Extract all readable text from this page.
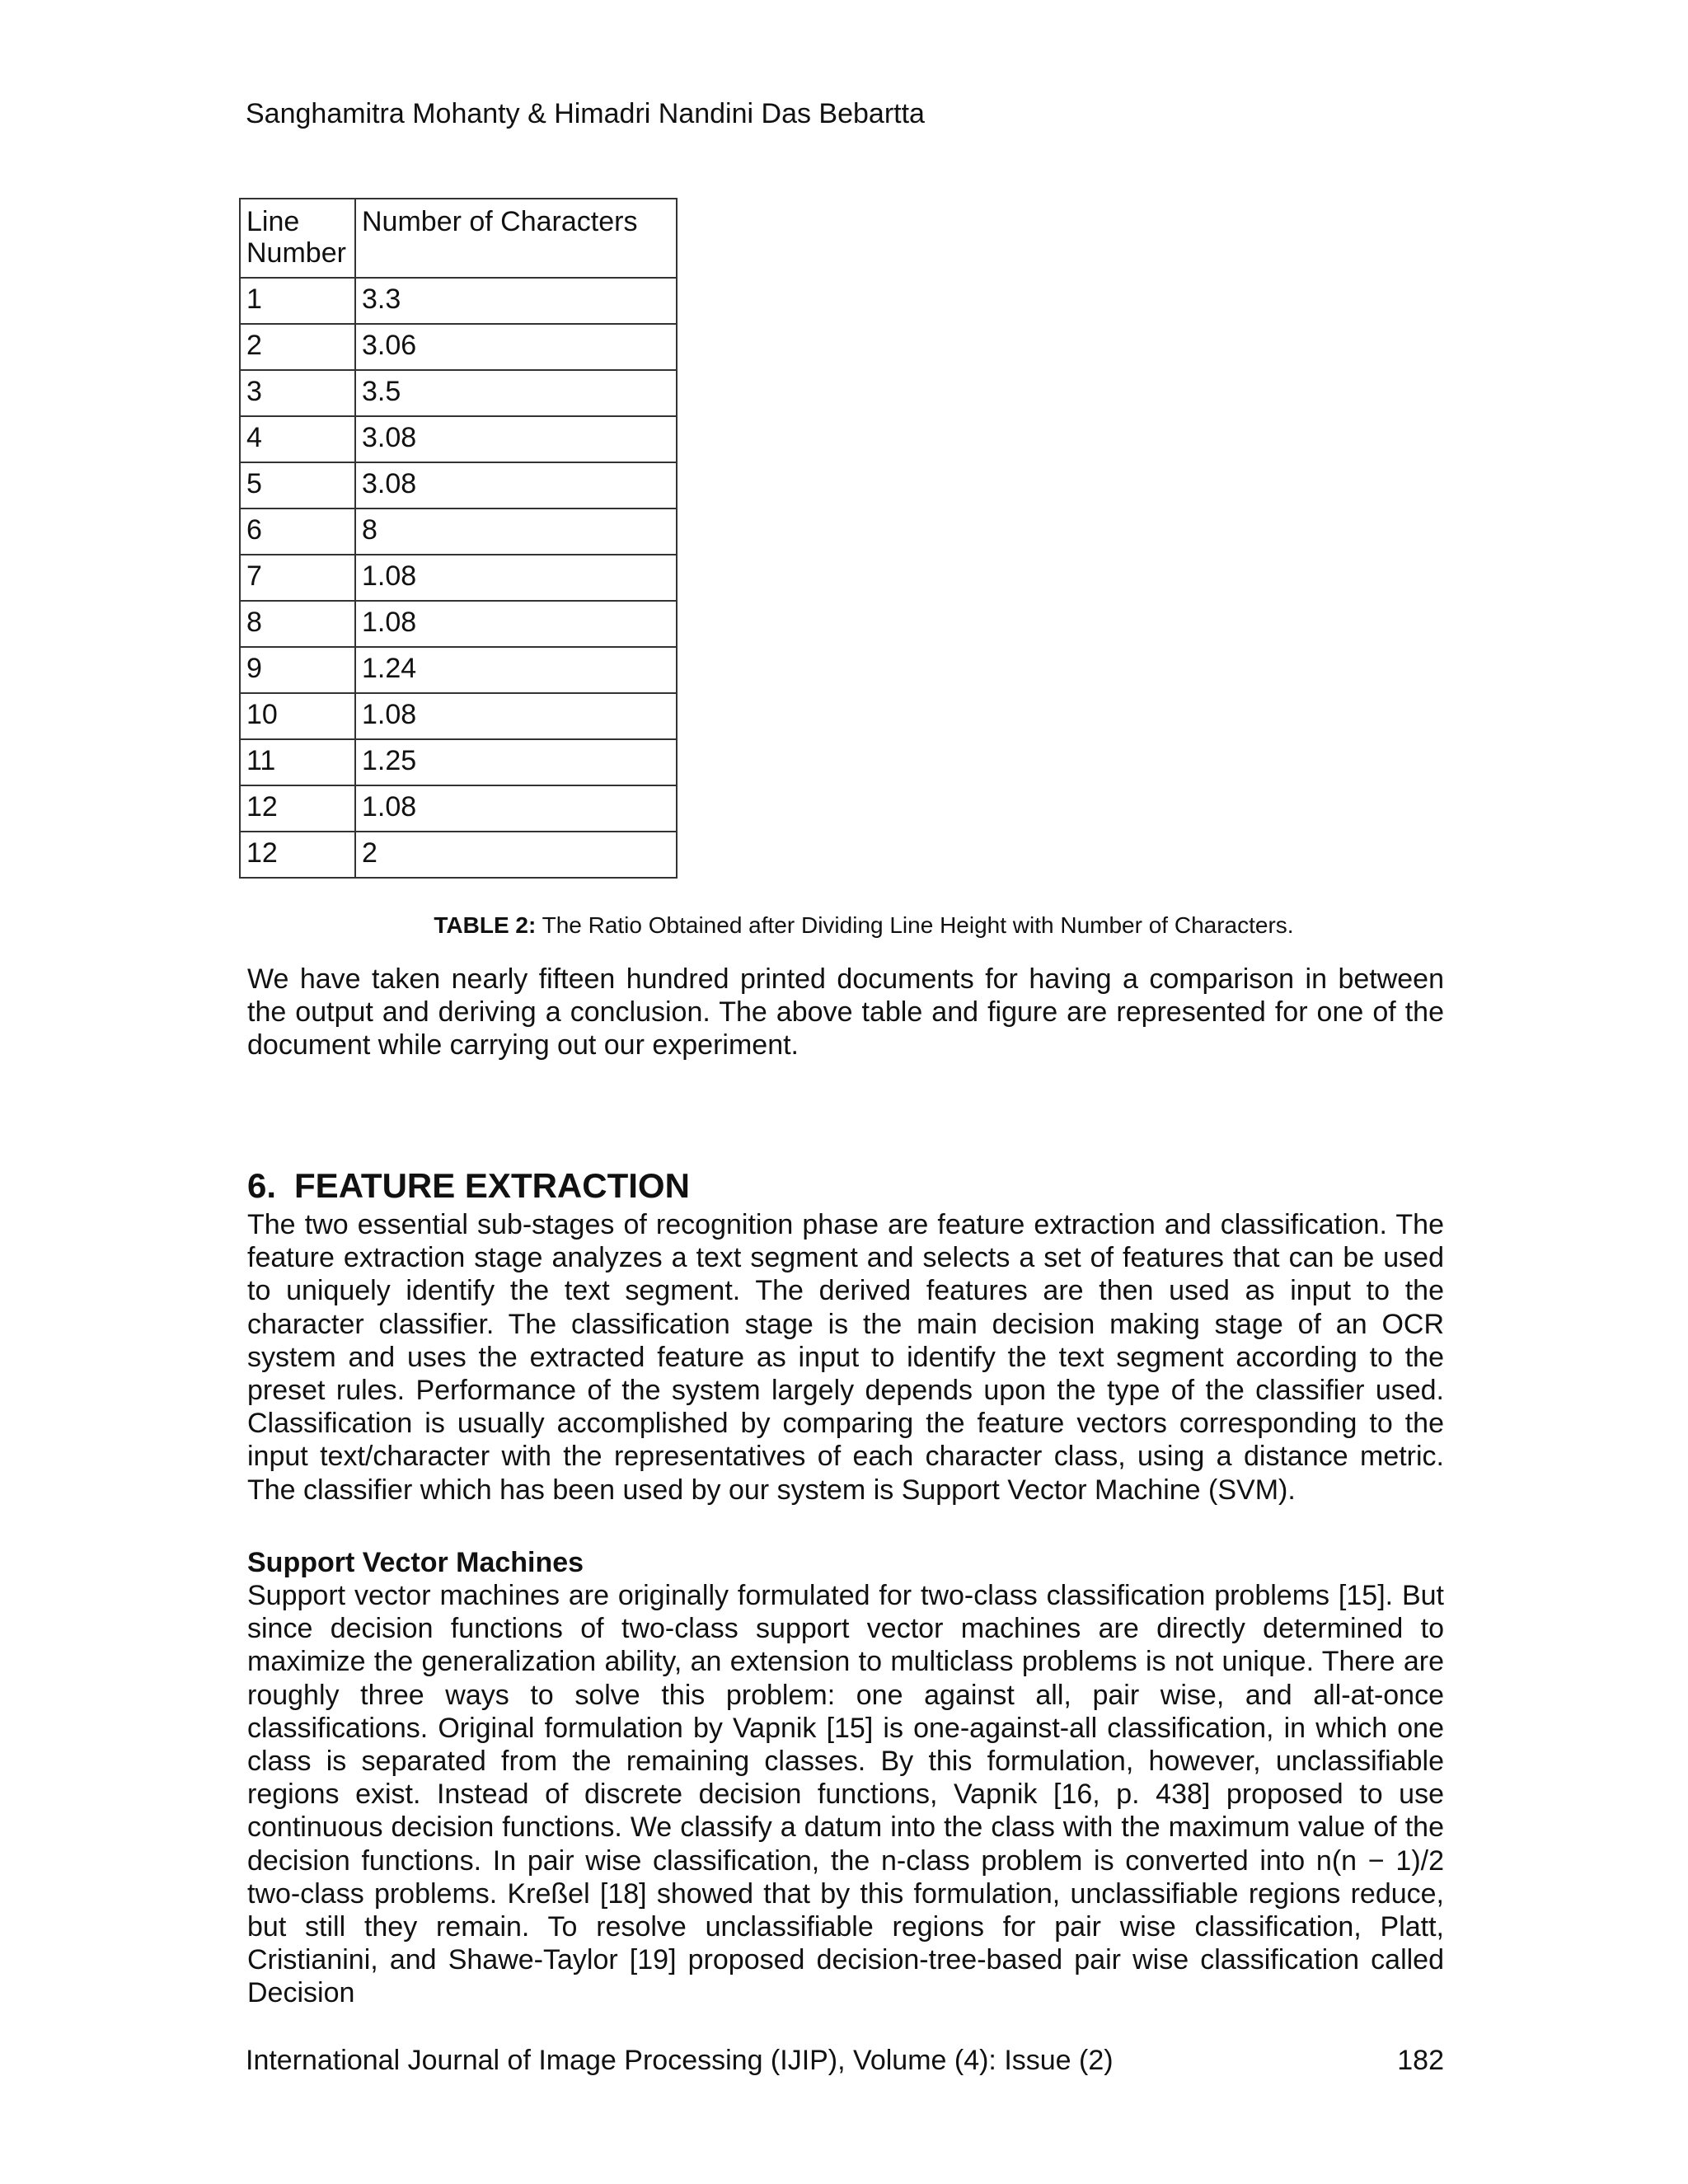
Sanghamitra Mohanty & Himadri Nandini Das Bebartta
Line Number	Number of Characters
1	3.3
2	3.06
3	3.5
4	3.08
5	3.08
6	8
7	1.08
8	1.08
9	1.24
10	1.08
11	1.25
12	1.08
12	2
TABLE 2: The Ratio Obtained after Dividing Line Height with Number of Characters.

We have taken nearly fifteen hundred printed documents for having a comparison in between the output and deriving a conclusion. The above table and figure are represented for one of the document while carrying out our experiment.

6. FEATURE EXTRACTION

The two essential sub-stages of recognition phase are feature extraction and classification. The feature extraction stage analyzes a text segment and selects a set of features that can be used to uniquely identify the text segment. The derived features are then used as input to the character classifier. The classification stage is the main decision making stage of an OCR system and uses the extracted feature as input to identify the text segment according to the preset rules. Performance of the system largely depends upon the type of the classifier used. Classification is usually accomplished by comparing the feature vectors corresponding to the input text/character with the representatives of each character class, using a distance metric. The classifier which has been used by our system is Support Vector Machine (SVM).

Support Vector Machines

Support vector machines are originally formulated for two-class classification problems [15]. But since decision functions of two-class support vector machines are directly determined to maximize the generalization ability, an extension to multiclass problems is not unique. There are roughly three ways to solve this problem: one against all, pair wise, and all-at-once classifications. Original formulation by Vapnik [15] is one-against-all classification, in which one class is separated from the remaining classes. By this formulation, however, unclassifiable regions exist. Instead of discrete decision functions, Vapnik [16, p. 438] proposed to use continuous decision functions. We classify a datum into the class with the maximum value of the decision functions. In pair wise classification, the n-class problem is converted into n(n − 1)/2 two-class problems. Kreßel [18] showed that by this formulation, unclassifiable regions reduce, but still they remain. To resolve unclassifiable regions for pair wise classification, Platt, Cristianini, and Shawe-Taylor [19] proposed decision-tree-based pair wise classification called Decision

International Journal of Image Processing (IJIP), Volume (4): Issue (2)	182
